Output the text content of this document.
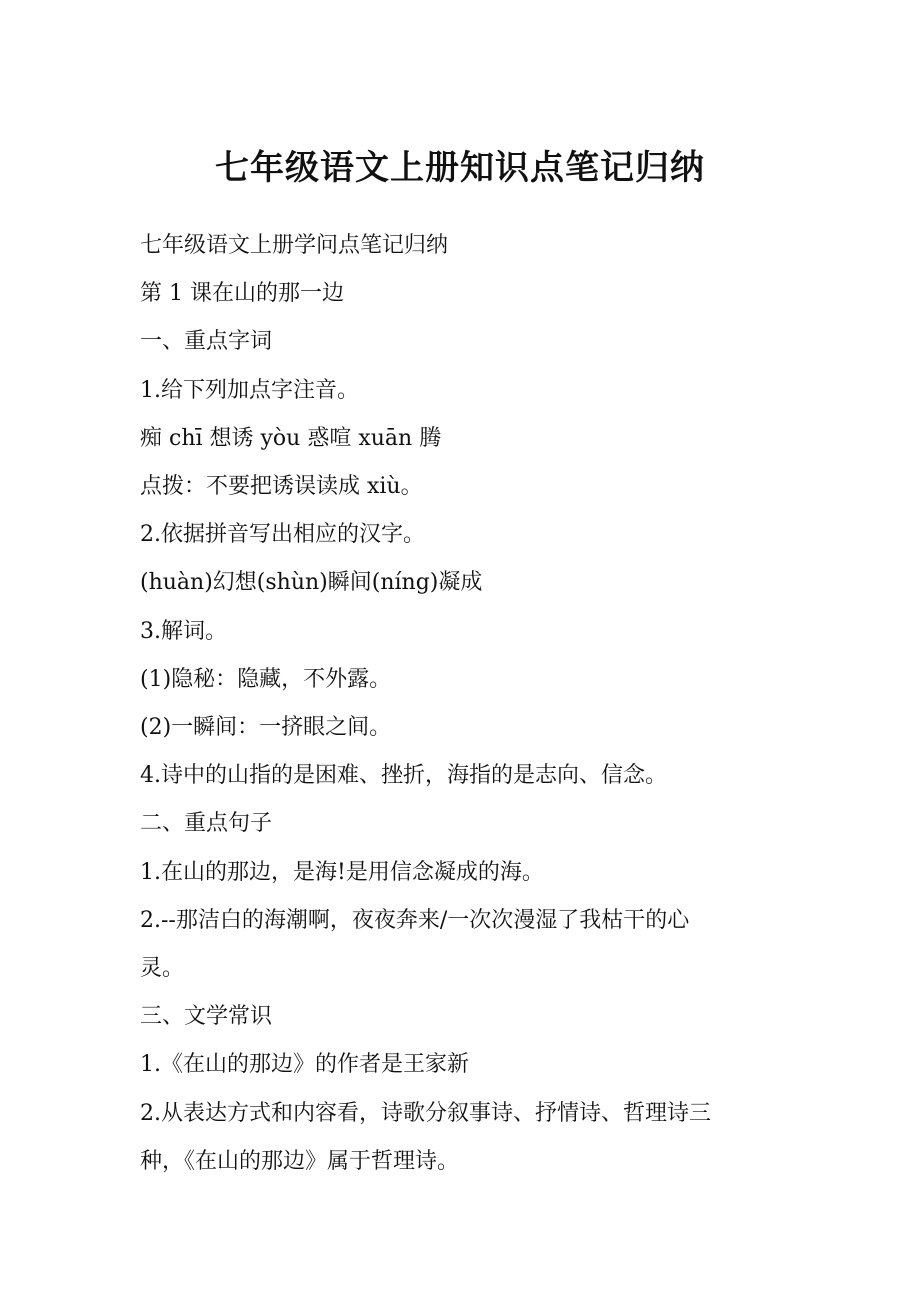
七年级语文上册知识点笔记归纳
七年级语文上册学问点笔记归纳
第 1 课在山的那一边
一、重点字词
1.给下列加点字注音。
痴 chī 想诱 yòu 惑喧 xuān 腾
点拨：不要把诱误读成 xiù。
2.依据拼音写出相应的汉字。
(huàn)幻想(shùn)瞬间(níng)凝成
3.解词。
(1)隐秘：隐藏，不外露。
(2)一瞬间：一挤眼之间。
4.诗中的山指的是困难、挫折，海指的是志向、信念。
二、重点句子
1.在山的那边，是海!是用信念凝成的海。
2.--那洁白的海潮啊，夜夜奔来/一次次漫湿了我枯干的心
灵。
三、文学常识
1.《在山的那边》的作者是王家新
2.从表达方式和内容看，诗歌分叙事诗、抒情诗、哲理诗三
种，《在山的那边》属于哲理诗。
